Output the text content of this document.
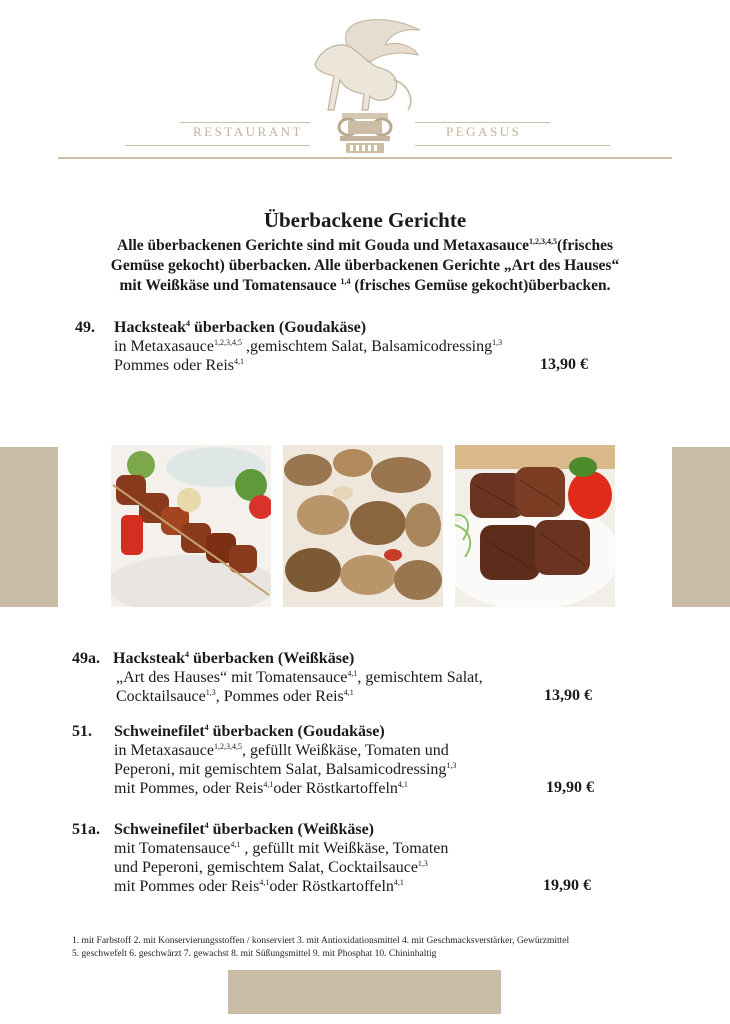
RESTAURANT	PEGASUS
Überbackene Gerichte
Alle überbackenen Gerichte sind mit Gouda und Metaxasauce$^{1,2,3,4,5}$(frisches
Gemüse gekocht) überbacken. Alle überbackenen Gerichte „Art des Hauses“
mit Weißkäse und Tomatensauce $^{1,4}$ (frisches Gemüse gekocht)überbacken.
49. Hacksteak$^4$ überbacken (Goudakäse)
in Metaxasauce$^{1,2,3,4,5}$ ,gemischtem Salat, Balsamicodressing$^{1,3}$
Pommes oder Reis$^{4,1}$	13,90 €
49a. Hacksteak$^4$ überbacken (Weißkäse)
„Art des Hauses“ mit Tomatensauce$^{4,1}$, gemischtem Salat,
Cocktailsauce$^{1,3}$, Pommes oder Reis$^{4,1}$	13,90 €
51. Schweinefilet$^4$ überbacken (Goudakäse)
in Metaxasauce$^{1,2,3,4,5}$, gefüllt Weißkäse, Tomaten und
Peperoni, mit gemischtem Salat, Balsamicodressing$^{1,3}$
mit Pommes, oder Reis$^{4,1}$oder Röstkartoffeln$^{4,1}$	19,90 €
51a. Schweinefilet$^4$ überbacken (Weißkäse)
mit Tomatensauce$^{4,1}$ , gefüllt mit Weißkäse, Tomaten
und Peperoni, gemischtem Salat, Cocktailsauce$^{1,3}$
mit Pommes oder Reis$^{4,1}$oder Röstkartoffeln$^{4,1}$	19,90 €
1. mit Farbstoff 2. mit Konservierungsstoffen / konserviert 3. mit Antioxidationsmittel 4. mit Geschmacksverstärker, Gewürzmittel
5. geschwefelt 6. geschwärzt 7. gewachst 8. mit Süßungsmittel 9. mit Phosphat 10. Chininhaltig
